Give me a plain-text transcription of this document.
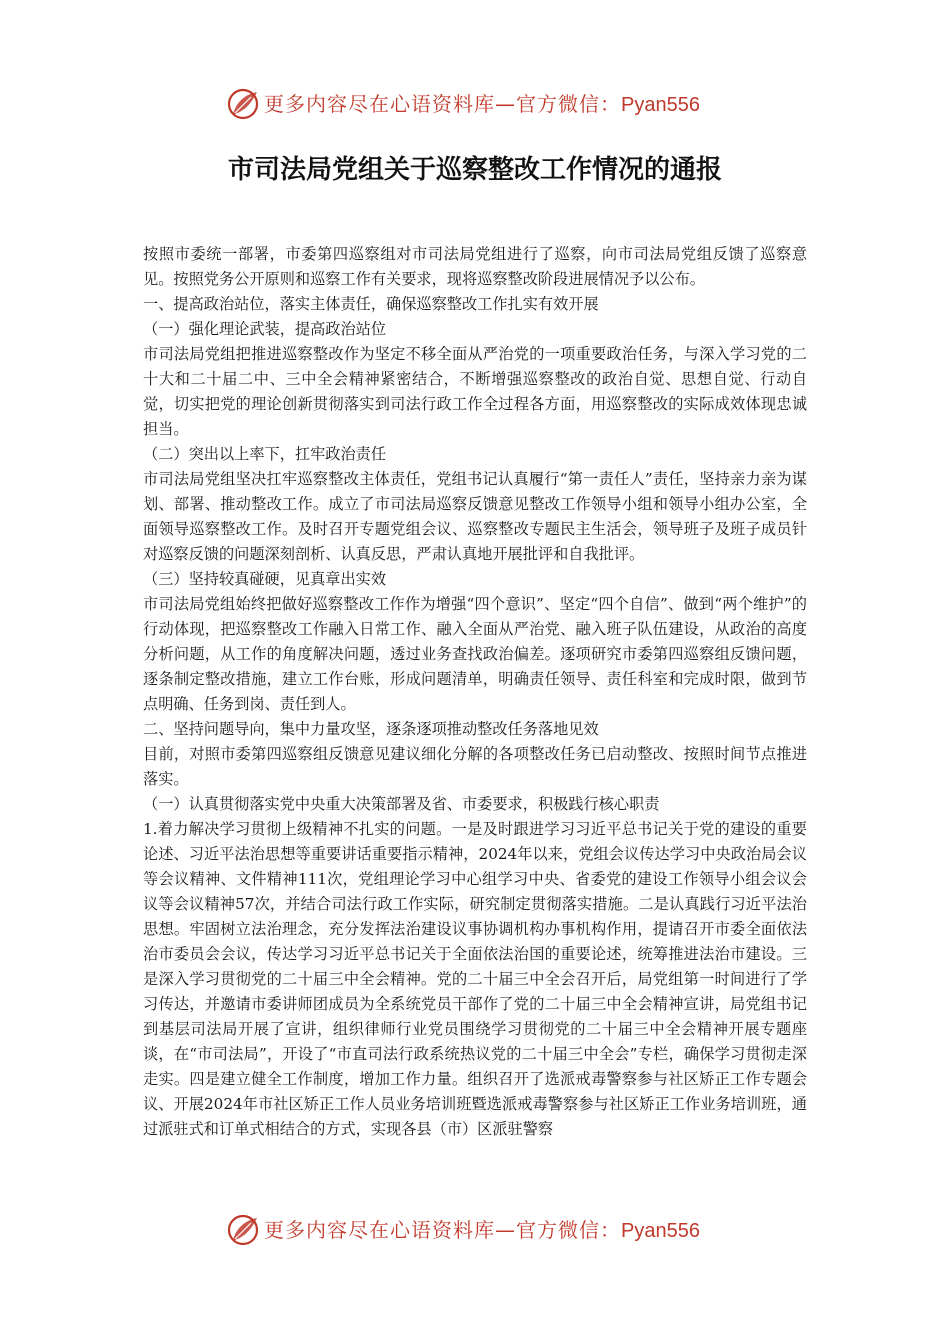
更多内容尽在心语资料库—官方微信：Pyan556
市司法局党组关于巡察整改工作情况的通报

按照市委统一部署，市委第四巡察组对市司法局党组进行了巡察，向市司法局党组反馈了巡察意见。按照党务公开原则和巡察工作有关要求，现将巡察整改阶段进展情况予以公布。

一、提高政治站位，落实主体责任，确保巡察整改工作扎实有效开展

（一）强化理论武装，提高政治站位

市司法局党组把推进巡察整改作为坚定不移全面从严治党的一项重要政治任务，与深入学习党的二十大和二十届二中、三中全会精神紧密结合，不断增强巡察整改的政治自觉、思想自觉、行动自觉，切实把党的理论创新贯彻落实到司法行政工作全过程各方面，用巡察整改的实际成效体现忠诚担当。

（二）突出以上率下，扛牢政治责任

市司法局党组坚决扛牢巡察整改主体责任，党组书记认真履行“第一责任人”责任，坚持亲力亲为谋划、部署、推动整改工作。成立了市司法局巡察反馈意见整改工作领导小组和领导小组办公室，全面领导巡察整改工作。及时召开专题党组会议、巡察整改专题民主生活会，领导班子及班子成员针对巡察反馈的问题深刻剖析、认真反思，严肃认真地开展批评和自我批评。

（三）坚持较真碰硬，见真章出实效

市司法局党组始终把做好巡察整改工作作为增强“四个意识”、坚定“四个自信”、做到“两个维护”的行动体现，把巡察整改工作融入日常工作、融入全面从严治党、融入班子队伍建设，从政治的高度分析问题，从工作的角度解决问题，透过业务查找政治偏差。逐项研究市委第四巡察组反馈问题，逐条制定整改措施，建立工作台账，形成问题清单，明确责任领导、责任科室和完成时限，做到节点明确、任务到岗、责任到人。

二、坚持问题导向，集中力量攻坚，逐条逐项推动整改任务落地见效

目前，对照市委第四巡察组反馈意见建议细化分解的各项整改任务已启动整改、按照时间节点推进落实。

（一）认真贯彻落实党中央重大决策部署及省、市委要求，积极践行核心职责

1.着力解决学习贯彻上级精神不扎实的问题。一是及时跟进学习习近平总书记关于党的建设的重要论述、习近平法治思想等重要讲话重要指示精神，2024年以来，党组会议传达学习中央政治局会议等会议精神、文件精神111次，党组理论学习中心组学习中央、省委党的建设工作领导小组会议会议等会议精神57次，并结合司法行政工作实际，研究制定贯彻落实措施。二是认真践行习近平法治思想。牢固树立法治理念，充分发挥法治建设议事协调机构办事机构作用，提请召开市委全面依法治市委员会会议，传达学习习近平总书记关于全面依法治国的重要论述，统筹推进法治市建设。三是深入学习贯彻党的二十届三中全会精神。党的二十届三中全会召开后，局党组第一时间进行了学习传达，并邀请市委讲师团成员为全系统党员干部作了党的二十届三中全会精神宣讲，局党组书记到基层司法局开展了宣讲，组织律师行业党员围绕学习贯彻党的二十届三中全会精神开展专题座谈，在“市司法局”，开设了“市直司法行政系统热议党的二十届三中全会”专栏，确保学习贯彻走深走实。四是建立健全工作制度，增加工作力量。组织召开了选派戒毒警察参与社区矫正工作专题会议、开展2024年市社区矫正工作人员业务培训班暨选派戒毒警察参与社区矫正工作业务培训班，通过派驻式和订单式相结合的方式，实现各县（市）区派驻警察

更多内容尽在心语资料库—官方微信：Pyan556
